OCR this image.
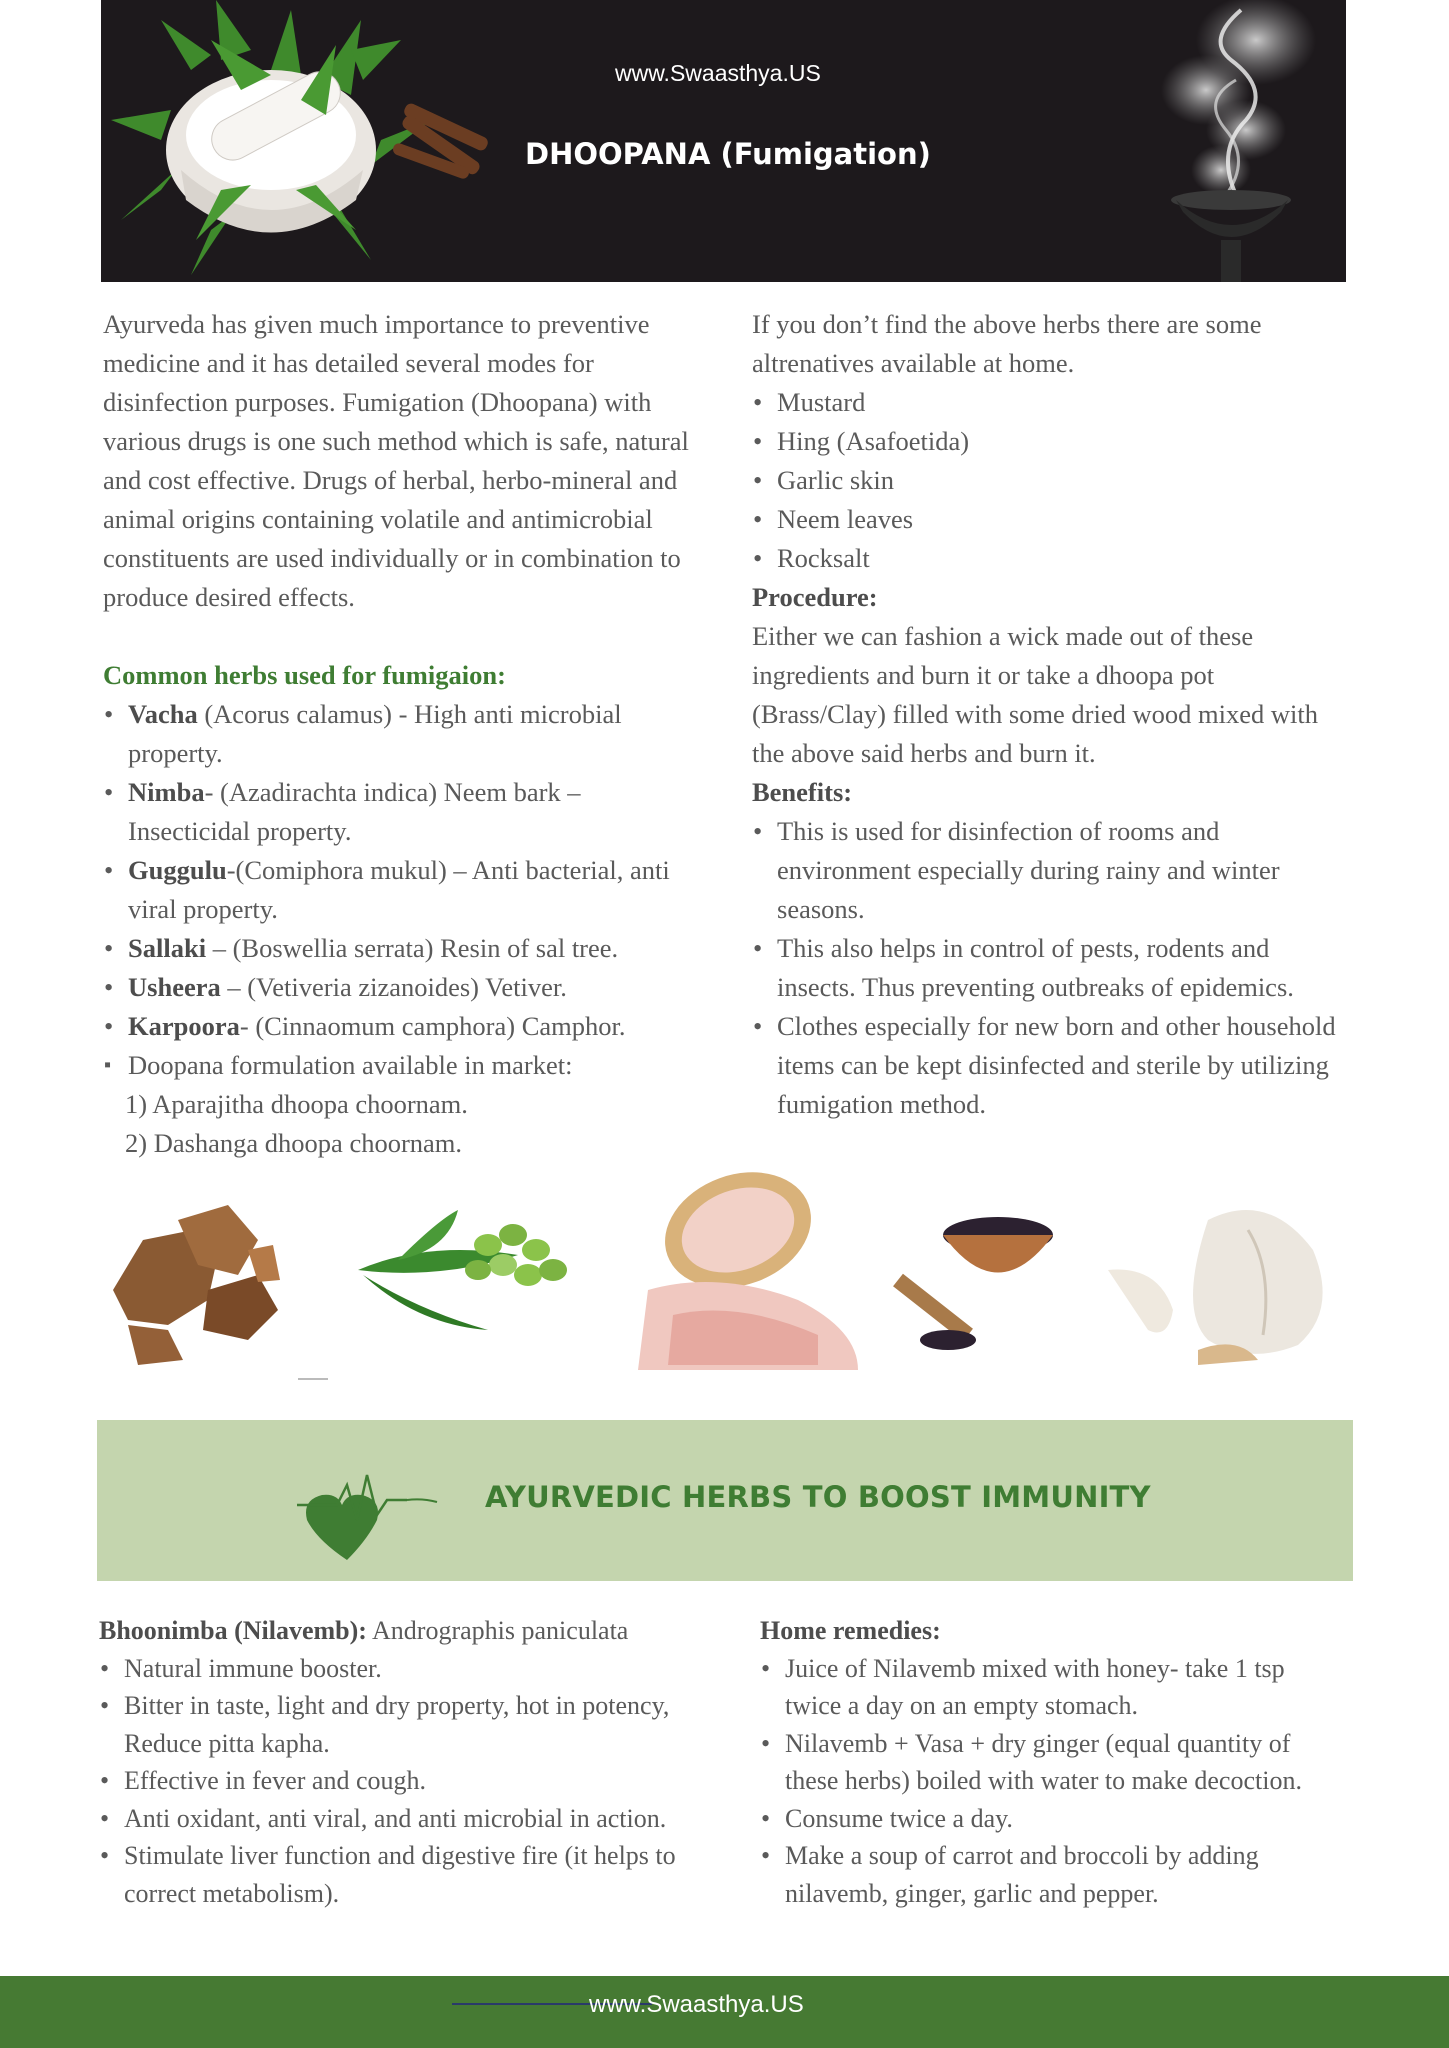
www.Swaasthya.US
DHOOPANA (Fumigation)

Ayurveda has given much importance to preventive medicine and it has detailed several modes for disinfection purposes. Fumigation (Dhoopana) with various drugs is one such method which is safe, natural and cost effective. Drugs of herbal, herbo-mineral and animal origins containing volatile and antimicrobial constituents are used individually or in combination to produce desired effects.

Common herbs used for fumigaion:

• Vacha (Acorus calamus) - High anti microbial property.
• Nimba- (Azadirachta indica) Neem bark – Insecticidal property.
• Guggulu-(Comiphora mukul) – Anti bacterial, anti viral property.
• Sallaki – (Boswellia serrata) Resin of sal tree.
• Usheera – (Vetiveria zizanoides) Vetiver.
• Karpoora- (Cinnaomum camphora) Camphor.
▪ Doopana formulation available in market:

1) Aparajitha dhoopa choornam.

2) Dashanga dhoopa choornam.

If you don’t find the above herbs there are some altrenatives available at home.

• Mustard
• Hing (Asafoetida)
• Garlic skin
• Neem leaves
• Rocksalt

Procedure:

Either we can fashion a wick made out of these ingredients and burn it or take a dhoopa pot (Brass/Clay) filled with some dried wood mixed with the above said herbs and burn it.

Benefits:

• This is used for disinfection of rooms and environment especially during rainy and winter seasons.
• This also helps in control of pests, rodents and insects. Thus preventing outbreaks of epidemics.
• Clothes especially for new born and other household items can be kept disinfected and sterile by utilizing fumigation method.
AYURVEDIC HERBS TO BOOST IMMUNITY

Bhoonimba (Nilavemb): Andrographis paniculata

• Natural immune booster.
• Bitter in taste, light and dry property, hot in potency, Reduce pitta kapha.
• Effective in fever and cough.
• Anti oxidant, anti viral, and anti microbial in action.
• Stimulate liver function and digestive fire (it helps to correct metabolism).

Home remedies:

• Juice of Nilavemb mixed with honey- take 1 tsp twice a day on an empty stomach.
• Nilavemb + Vasa + dry ginger (equal quantity of these herbs) boiled with water to make decoction.
• Consume twice a day.
• Make a soup of carrot and broccoli by adding nilavemb, ginger, garlic and pepper.
www.Swaasthya.US
